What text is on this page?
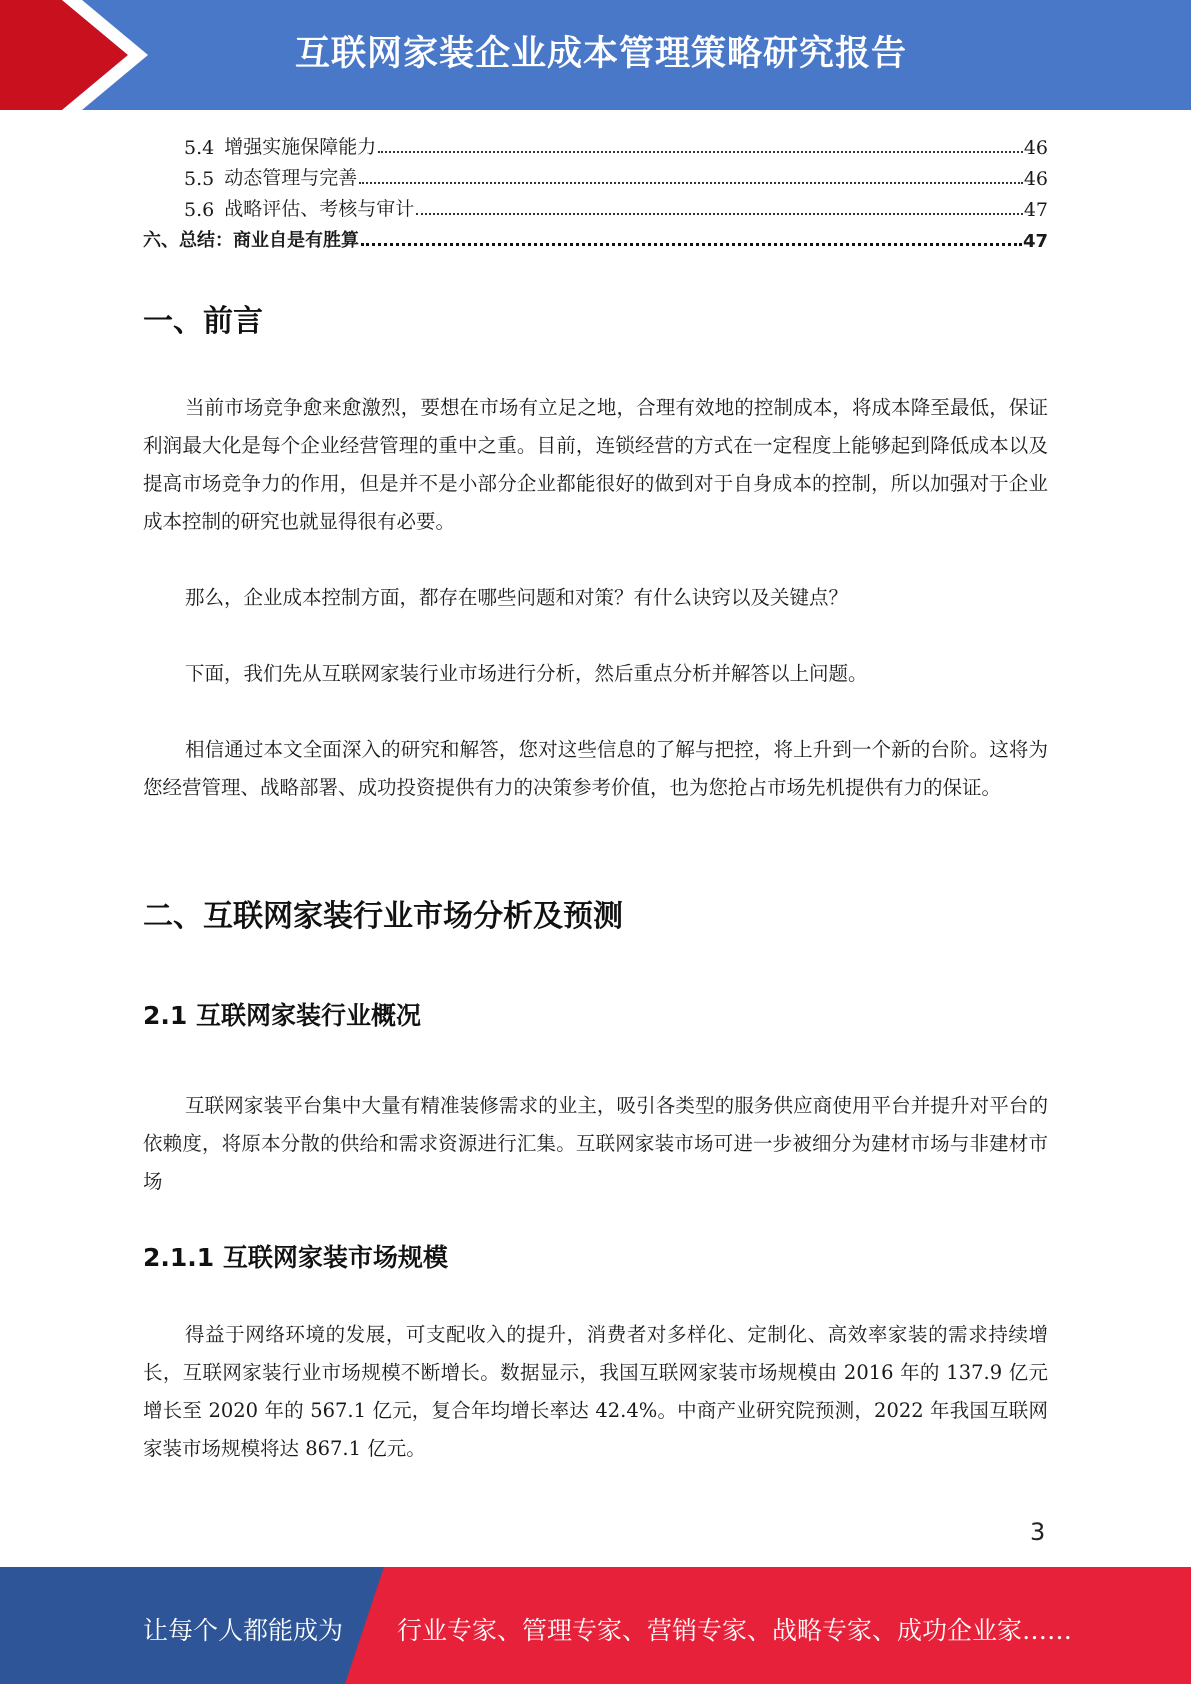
互联网家装企业成本管理策略研究报告
5.4 增强实施保障能力	46
5.5 动态管理与完善	46
5.6 战略评估、考核与审计	47
六、总结：商业自是有胜算	47
一、前言

当前市场竞争愈来愈激烈，要想在市场有立足之地，合理有效地的控制成本，将成本降至最低，保证利润最大化是每个企业经营管理的重中之重。目前，连锁经营的方式在一定程度上能够起到降低成本以及提高市场竞争力的作用，但是并不是小部分企业都能很好的做到对于自身成本的控制，所以加强对于企业成本控制的研究也就显得很有必要。

那么，企业成本控制方面，都存在哪些问题和对策？有什么诀窍以及关键点？

下面，我们先从互联网家装行业市场进行分析，然后重点分析并解答以上问题。

相信通过本文全面深入的研究和解答，您对这些信息的了解与把控，将上升到一个新的台阶。这将为您经营管理、战略部署、成功投资提供有力的决策参考价值，也为您抢占市场先机提供有力的保证。

二、互联网家装行业市场分析及预测
2.1 互联网家装行业概况

互联网家装平台集中大量有精准装修需求的业主，吸引各类型的服务供应商使用平台并提升对平台的依赖度，将原本分散的供给和需求资源进行汇集。互联网家装市场可进一步被细分为建材市场与非建材市场

2.1.1 互联网家装市场规模

得益于网络环境的发展，可支配收入的提升，消费者对多样化、定制化、高效率家装的需求持续增长，互联网家装行业市场规模不断增长。数据显示，我国互联网家装市场规模由 2016 年的 137.9 亿元增长至 2020 年的 567.1 亿元，复合年均增长率达 42.4%。中商产业研究院预测，2022 年我国互联网家装市场规模将达 867.1 亿元。

3
让每个人都能成为 行业专家、管理专家、营销专家、战略专家、成功企业家……
